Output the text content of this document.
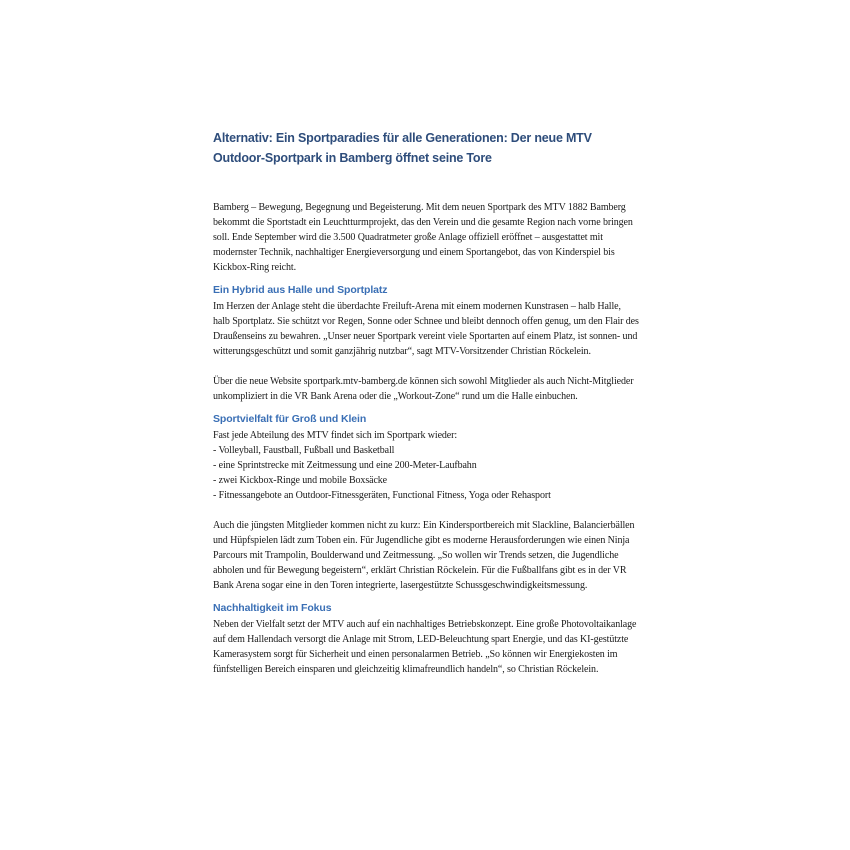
Alternativ: Ein Sportparadies für alle Generationen: Der neue MTV
Outdoor-Sportpark in Bamberg öffnet seine Tore

Bamberg – Bewegung, Begegnung und Begeisterung. Mit dem neuen Sportpark des MTV 1882 Bamberg bekommt die Sportstadt ein Leuchtturmprojekt, das den Verein und die gesamte Region nach vorne bringen soll. Ende September wird die 3.500 Quadratmeter große Anlage offiziell eröffnet – ausgestattet mit modernster Technik, nachhaltiger Energieversorgung und einem Sportangebot, das von Kinderspiel bis Kickbox-Ring reicht.

Ein Hybrid aus Halle und Sportplatz

Im Herzen der Anlage steht die überdachte Freiluft-Arena mit einem modernen Kunstrasen – halb Halle, halb Sportplatz. Sie schützt vor Regen, Sonne oder Schnee und bleibt dennoch offen genug, um den Flair des Draußenseins zu bewahren. „Unser neuer Sportpark vereint viele Sportarten auf einem Platz, ist sonnen- und witterungsgeschützt und somit ganzjährig nutzbar“, sagt MTV-Vorsitzender Christian Röckelein.

Über die neue Website sportpark.mtv-bamberg.de können sich sowohl Mitglieder als auch Nicht-Mitglieder unkompliziert in die VR Bank Arena oder die „Workout-Zone“ rund um die Halle einbuchen.

Sportvielfalt für Groß und Klein

Fast jede Abteilung des MTV findet sich im Sportpark wieder:

- Volleyball, Faustball, Fußball und Basketball
- eine Sprintstrecke mit Zeitmessung und eine 200-Meter-Laufbahn
- zwei Kickbox-Ringe und mobile Boxsäcke
- Fitnessangebote an Outdoor-Fitnessgeräten, Functional Fitness, Yoga oder Rehasport

Auch die jüngsten Mitglieder kommen nicht zu kurz: Ein Kindersportbereich mit Slackline, Balancierbällen und Hüpfspielen lädt zum Toben ein. Für Jugendliche gibt es moderne Herausforderungen wie einen Ninja Parcours mit Trampolin, Boulderwand und Zeitmessung. „So wollen wir Trends setzen, die Jugendliche abholen und für Bewegung begeistern“, erklärt Christian Röckelein. Für die Fußballfans gibt es in der VR Bank Arena sogar eine in den Toren integrierte, lasergestützte Schussgeschwindigkeitsmessung.

Nachhaltigkeit im Fokus

Neben der Vielfalt setzt der MTV auch auf ein nachhaltiges Betriebskonzept. Eine große Photovoltaikanlage auf dem Hallendach versorgt die Anlage mit Strom, LED-Beleuchtung spart Energie, und das KI-gestützte Kamerasystem sorgt für Sicherheit und einen personalarmen Betrieb. „So können wir Energiekosten im fünfstelligen Bereich einsparen und gleichzeitig klimafreundlich handeln“, so Christian Röckelein.
